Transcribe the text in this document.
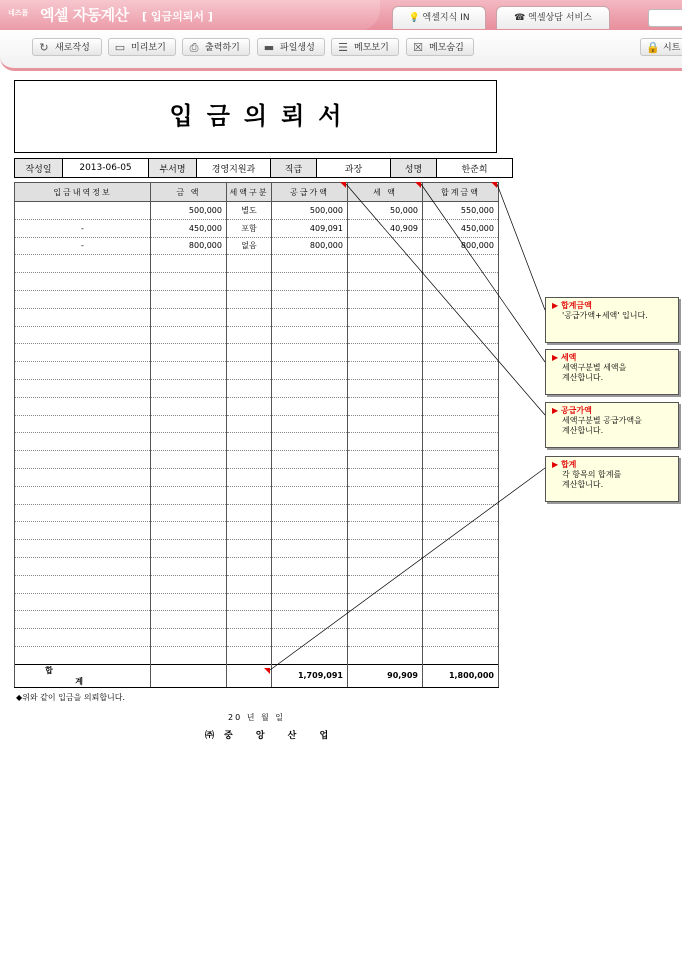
네즈폼 엑셀 자동계산 [ 입금의뢰서 ]	💡 엑셀지식 IN	☎ 엑셀상담 서비스
↻ 새로작성	▭ 미리보기	⎙ 출력하기	▬ 파일생성	☰ 메모보기	☒ 메모숨김	🔒 시트
입금의뢰서
작성일	2013-06-05	부서명	경영지원과	직급	과장	성명	한준희
입금내역정보	금 액	세액구분	공급가액	세 액	합계금액
	500,000	별도	500,000	50,000	550,000
-	450,000	포함	409,091	40,909	450,000
-	800,000	없음	800,000		800,000

합계			1,709,091	90,909	1,800,000
◆위와 같이 입금을 의뢰합니다.
20 년 월 일
㈜중 앙 산 업
▶ 합계금액
'공급가액+세액' 입니다.
▶ 세액
세액구분별 세액을
계산합니다.
▶ 공급가액
세액구분별 공급가액을
계산합니다.
▶ 합계
각 항목의 합계를
계산합니다.
